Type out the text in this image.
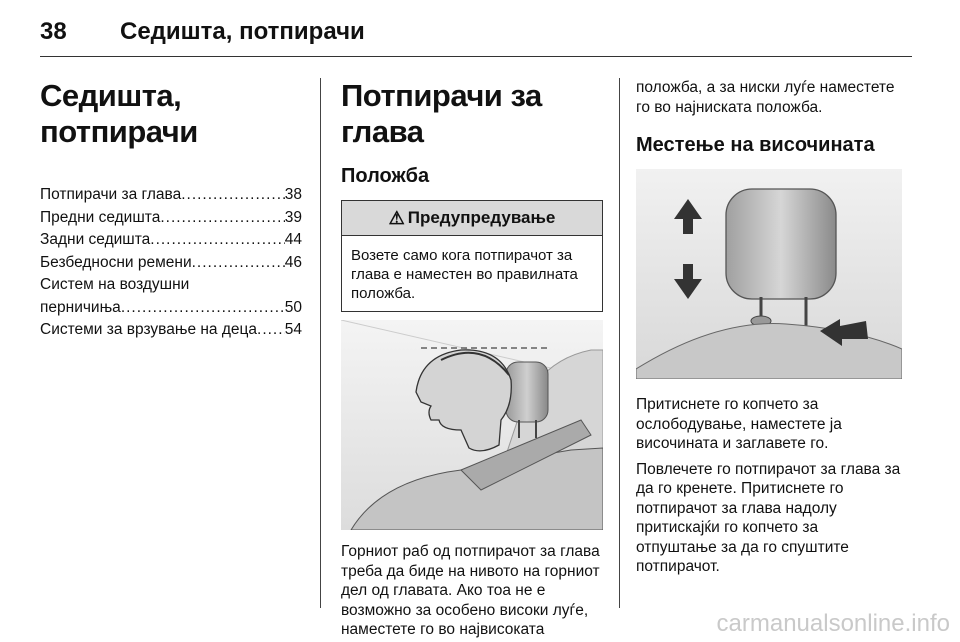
38 Седишта, потпирачи
Седишта, потпирачи
Потпирачи за глава .....	38
Предни седишта .....	39
Задни седишта .....	44
Безбедносни ремени .....	46
Систем на воздушни
перничиња .....	50
Системи за врзување на деца ..... 54
Потпирачи за глава
Положба
⚠ Предупредување
Возете само кога потпирачот за глава е наместен во правилната положба.

Горниот раб од потпирачот за глава треба да биде на нивото на горниот дел од главата. Ако тоа не е возможно за особено високи луѓе, наместете го во највисоката

положба, а за ниски луѓе наместете го во најниската положба.

Местење на височината

Притиснете го копчето за ослободување, наместете ја височината и заглавете го.

Повлечете го потпирачот за глава за да го кренете. Притиснете го потпирачот за глава надолу притискајќи го копчето за отпуштање за да го спуштите потпирачот.

carmanualsonline.info
